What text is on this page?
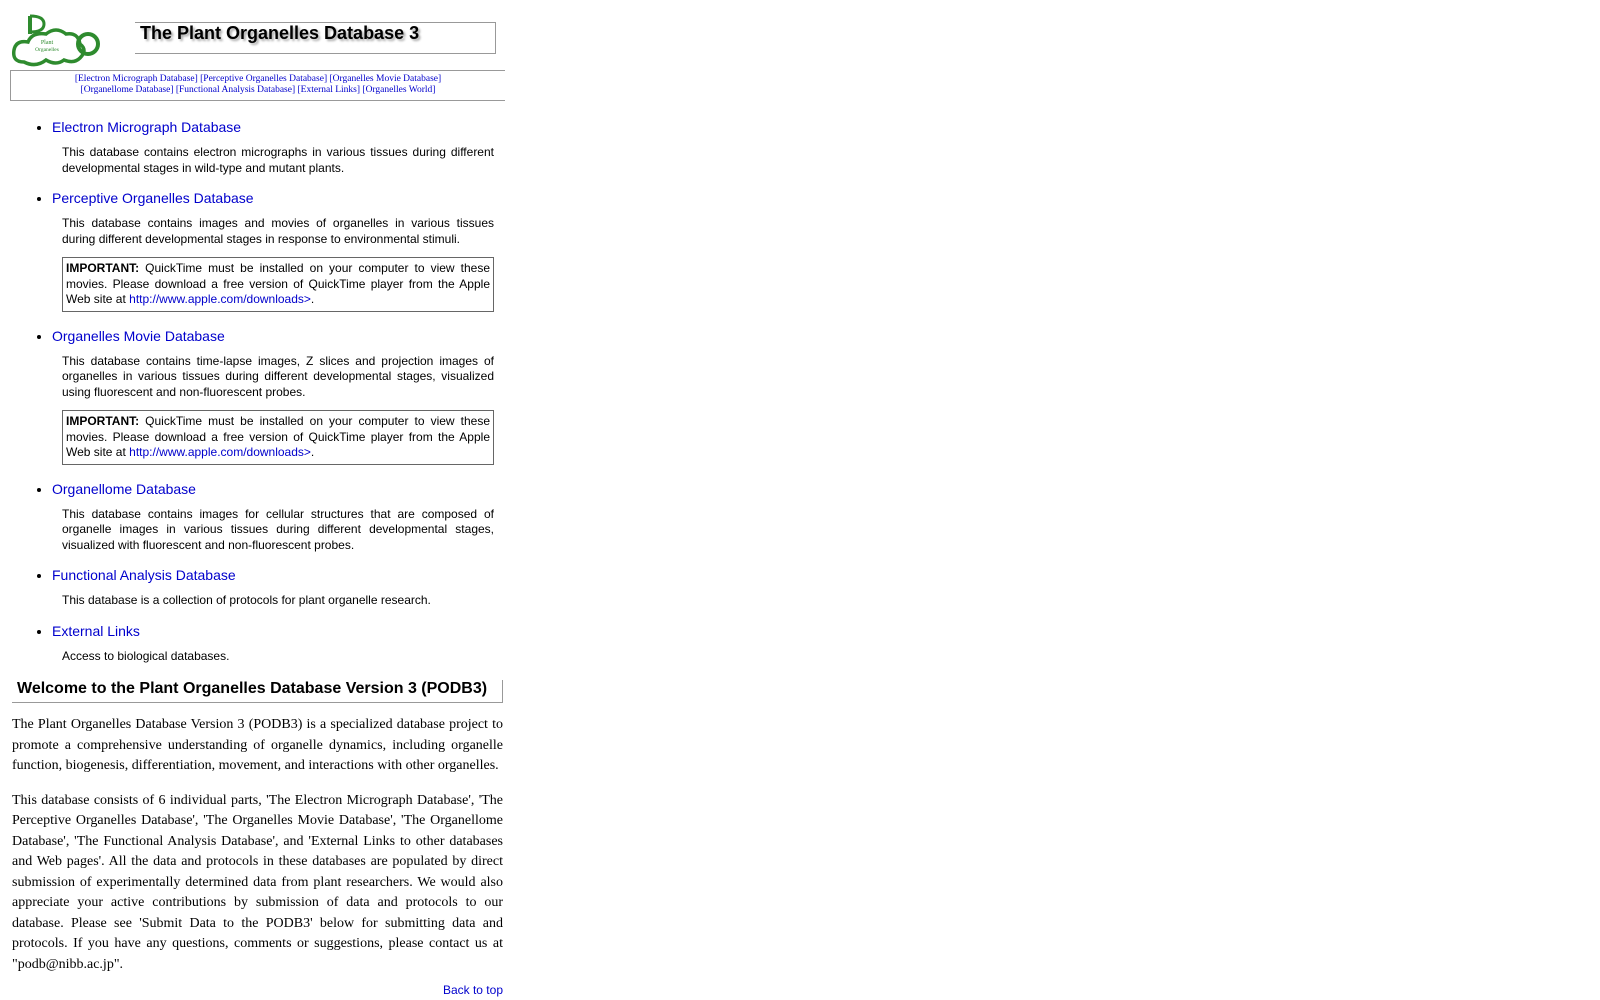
Plant
Organelles
The Plant Organelles Database 3
[Electron Micrograph Database] [Perceptive Organelles Database] [Organelles Movie Database]
[Organellome Database] [Functional Analysis Database] [External Links] [Organelles World]
• Electron Micrograph Database
This database contains electron micrographs in various tissues during different developmental stages in wild-type and mutant plants.
• Perceptive Organelles Database
This database contains images and movies of organelles in various tissues during different developmental stages in response to environmental stimuli.
IMPORTANT: QuickTime must be installed on your computer to view these movies. Please download a free version of QuickTime player from the Apple Web site at http://www.apple.com/downloads>.
• Organelles Movie Database
This database contains time-lapse images, Z slices and projection images of organelles in various tissues during different developmental stages, visualized using fluorescent and non-fluorescent probes.
IMPORTANT: QuickTime must be installed on your computer to view these movies. Please download a free version of QuickTime player from the Apple Web site at http://www.apple.com/downloads>.
• Organellome Database
This database contains images for cellular structures that are composed of organelle images in various tissues during different developmental stages, visualized with fluorescent and non-fluorescent probes.
• Functional Analysis Database
This database is a collection of protocols for plant organelle research.
• External Links
Access to biological databases.
Welcome to the Plant Organelles Database Version 3 (PODB3)
The Plant Organelles Database Version 3 (PODB3) is a specialized database project to promote a comprehensive understanding of organelle dynamics, including organelle function, biogenesis, differentiation, movement, and interactions with other organelles.
This database consists of 6 individual parts, 'The Electron Micrograph Database', 'The Perceptive Organelles Database', 'The Organelles Movie Database', 'The Organellome Database', 'The Functional Analysis Database', and 'External Links to other databases and Web pages'. All the data and protocols in these databases are populated by direct submission of experimentally determined data from plant researchers. We would also appreciate your active contributions by submission of data and protocols to our database. Please see 'Submit Data to the PODB3' below for submitting data and protocols. If you have any questions, comments or suggestions, please contact us at "podb@nibb.ac.jp".
Back to top
